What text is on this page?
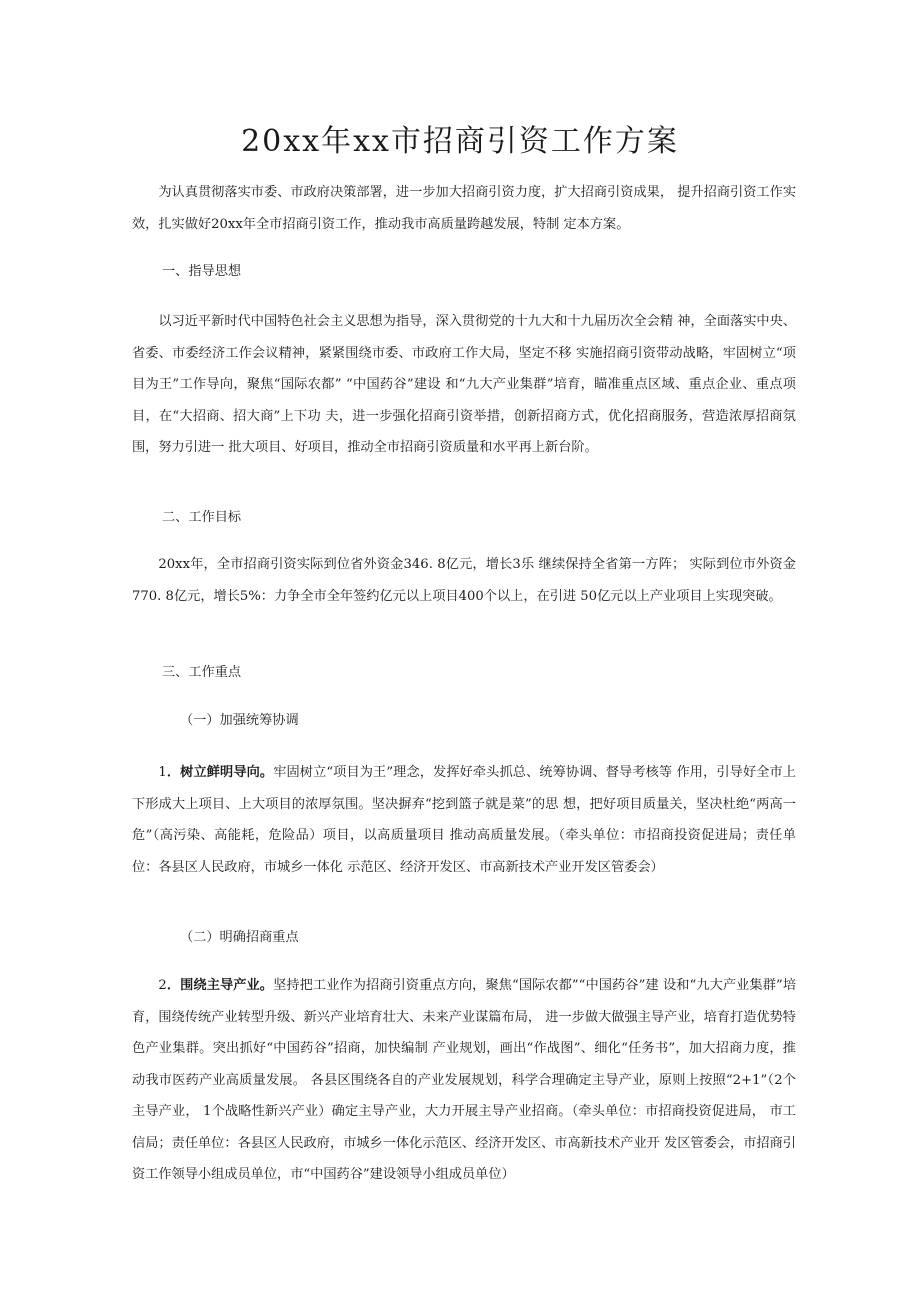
20xx年xx市招商引资工作方案

为认真贯彻落实市委、市政府决策部署，进一步加大招商引资力度，扩大招商引资成果， 提升招商引资工作实效，扎实做好20xx年全市招商引资工作，推动我市高质量跨越发展，特制 定本方案。

一、指导思想

以习近平新时代中国特色社会主义思想为指导，深入贯彻党的十九大和十九届历次全会精 神，全面落实中央、省委、市委经济工作会议精神，紧紧围绕市委、市政府工作大局，坚定不移 实施招商引资带动战略，牢固树立“项目为王”工作导向，聚焦“国际农都” “中国药谷”建设 和“九大产业集群”培育，瞄准重点区域、重点企业、重点项目，在“大招商、招大商”上下功 夫，进一步强化招商引资举措，创新招商方式，优化招商服务，营造浓厚招商氛围，努力引进一 批大项目、好项目，推动全市招商引资质量和水平再上新台阶。

二、工作目标

20xx年，全市招商引资实际到位省外资金346. 8亿元，增长3乐 继续保持全省第一方阵； 实际到位市外资金770. 8亿元，增长5%：力争全市全年签约亿元以上项目400个以上，在引进 50亿元以上产业项目上实现突破。

三、工作重点
（一）加强统筹协调

1．树立鲜明导向。牢固树立“项目为王”理念，发挥好牵头抓总、统筹协调、督导考核等 作用，引导好全市上下形成大上项目、上大项目的浓厚氛围。坚决摒弃“挖到篮子就是菜”的思 想，把好项目质量关，坚决杜绝“两高一危”（高污染、高能耗，危险品）项目，以高质量项目 推动高质量发展。（牵头单位：市招商投资促进局；责任单位：各县区人民政府，市城乡一体化 示范区、经济开发区、市高新技术产业开发区管委会）

（二）明确招商重点

2．围绕主导产业。坚持把工业作为招商引资重点方向，聚焦“国际农都”“中国药谷”建 设和“九大产业集群”培育，围绕传统产业转型升级、新兴产业培育壮大、未来产业谋篇布局， 进一步做大做强主导产业，培育打造优势特色产业集群。突出抓好“中国药谷”招商，加快编制 产业规划，画出“作战图”、细化“任务书”，加大招商力度，推动我市医药产业高质量发展。 各县区围绕各自的产业发展规划，科学合理确定主导产业，原则上按照“2+1”（2个主导产业， 1个战略性新兴产业）确定主导产业，大力开展主导产业招商。（牵头单位：市招商投资促进局， 市工信局；责任单位：各县区人民政府，市城乡一体化示范区、经济开发区、市高新技术产业开 发区管委会，市招商引资工作领导小组成员单位，市“中国药谷”建设领导小组成员单位）
